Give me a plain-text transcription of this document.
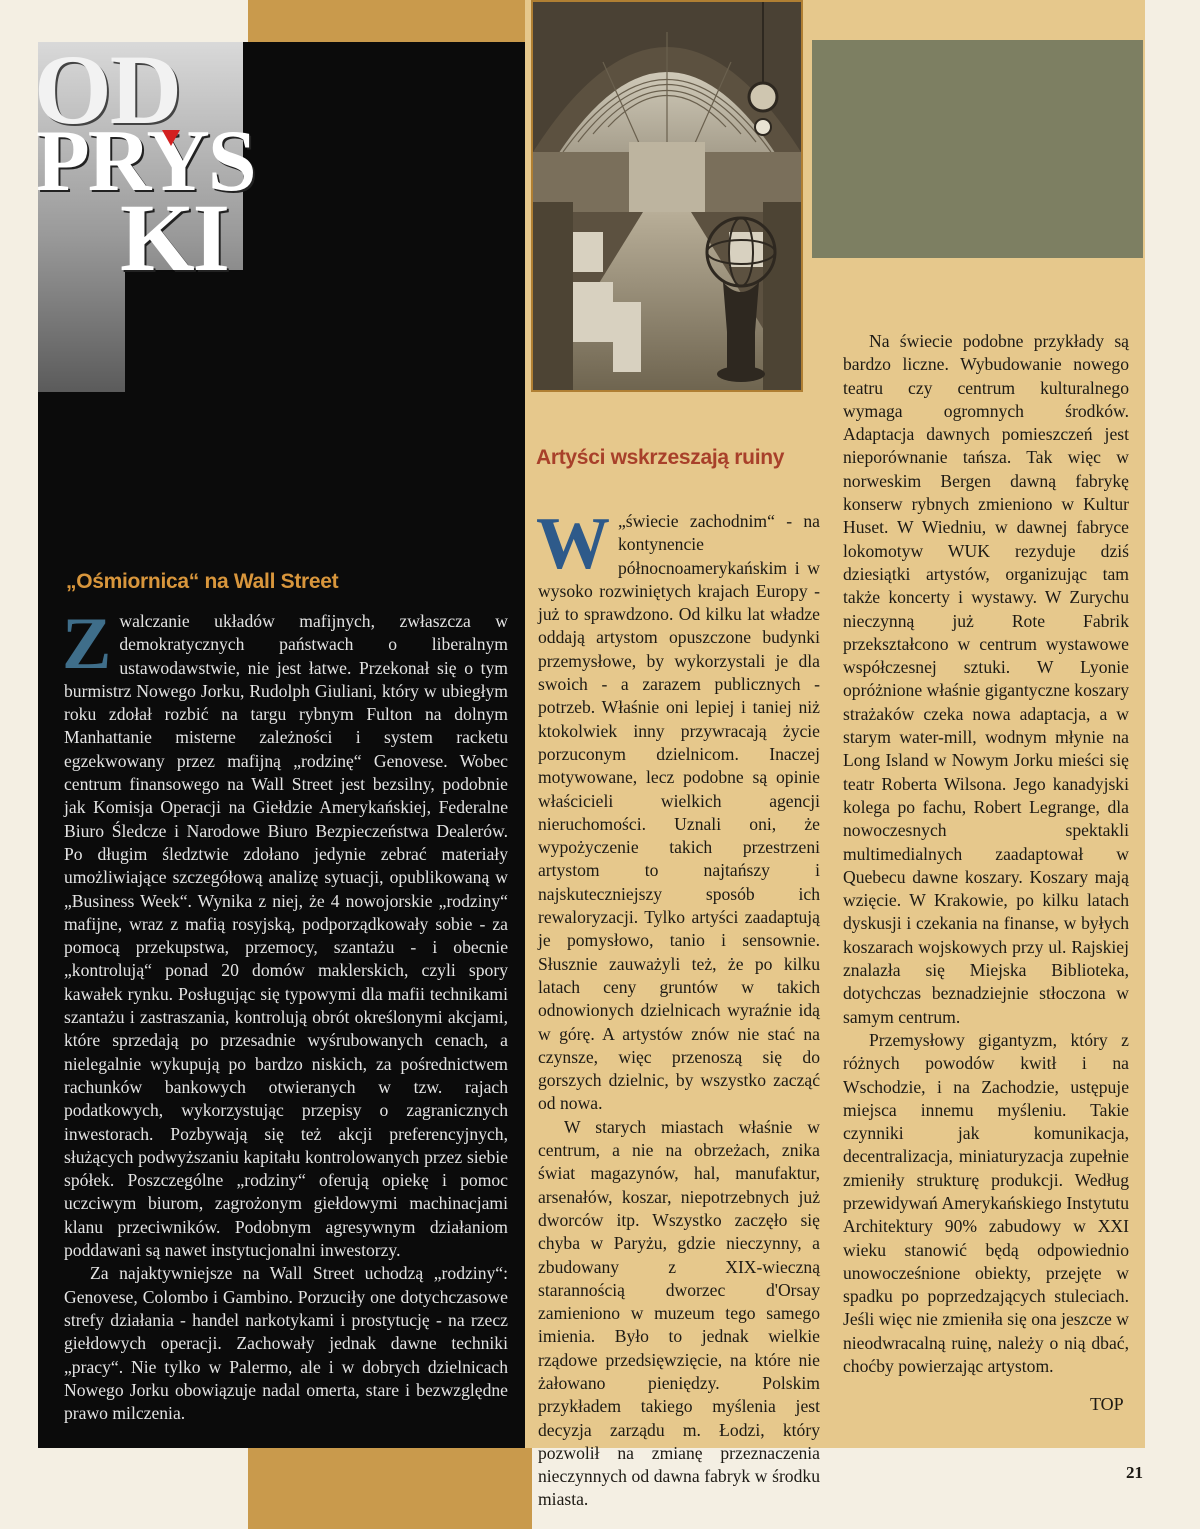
OD
PRYS
KI
„Ośmiornica“ na Wall Street
Artyści wskrzeszają ruiny

Zwalczanie układów mafijnych, zwłaszcza w demokratycznych państwach o liberalnym ustawodawstwie, nie jest łatwe. Przekonał się o tym burmistrz Nowego Jorku, Rudolph Giuliani, który w ubiegłym roku zdołał rozbić na targu rybnym Fulton na dolnym Manhattanie misterne zależności i system racketu egzekwowany przez mafijną „rodzinę“ Genovese. Wobec centrum finansowego na Wall Street jest bezsilny, podobnie jak Komisja Operacji na Giełdzie Amerykańskiej, Federalne Biuro Śledcze i Narodowe Biuro Bezpieczeństwa Dealerów. Po długim śledztwie zdołano jedynie zebrać materiały umożliwiające szczegółową analizę sytuacji, opublikowaną w „Business Week“. Wynika z niej, że 4 nowojorskie „rodziny“ mafijne, wraz z mafią rosyjską, podporządkowały sobie - za pomocą przekupstwa, przemocy, szantażu - i obecnie „kontrolują“ ponad 20 domów maklerskich, czyli spory kawałek rynku. Posługując się typowymi dla mafii technikami szantażu i zastraszania, kontrolują obrót określonymi akcjami, które sprzedają po przesadnie wyśrubowanych cenach, a nielegalnie wykupują po bardzo niskich, za pośrednictwem rachunków bankowych otwieranych w tzw. rajach podatkowych, wykorzystując przepisy o zagranicznych inwestorach. Pozbywają się też akcji preferencyjnych, służących podwyższaniu kapitału kontrolowanych przez siebie spółek. Poszczególne „rodziny“ oferują opiekę i pomoc uczciwym biurom, zagrożonym giełdowymi machinacjami klanu przeciwników. Podobnym agresywnym działaniom poddawani są nawet instytucjonalni inwestorzy.

Za najaktywniejsze na Wall Street uchodzą „rodziny“: Genovese, Colombo i Gambino. Porzuciły one dotychczasowe strefy działania - handel narkotykami i prostytucję - na rzecz giełdowych operacji. Zachowały jednak dawne techniki „pracy“. Nie tylko w Palermo, ale i w dobrych dzielnicach Nowego Jorku obowiązuje nadal omerta, stare i bezwzględne prawo milczenia.

W „świecie zachodnim“ - na kontynencie północnoamerykańskim i w wysoko rozwiniętych krajach Europy - już to sprawdzono. Od kilku lat władze oddają artystom opuszczone budynki przemysłowe, by wykorzystali je dla swoich - a zarazem publicznych - potrzeb. Właśnie oni lepiej i taniej niż ktokolwiek inny przywracają życie porzuconym dzielnicom. Inaczej motywowane, lecz podobne są opinie właścicieli wielkich agencji nieruchomości. Uznali oni, że wypożyczenie takich przestrzeni artystom to najtańszy i najskuteczniejszy sposób ich rewaloryzacji. Tylko artyści zaadaptują je pomysłowo, tanio i sensownie. Słusznie zauważyli też, że po kilku latach ceny gruntów w takich odnowionych dzielnicach wyraźnie idą w górę. A artystów znów nie stać na czynsze, więc przenoszą się do gorszych dzielnic, by wszystko zacząć od nowa.

W starych miastach właśnie w centrum, a nie na obrzeżach, znika świat magazynów, hal, manufaktur, arsenałów, koszar, niepotrzebnych już dworców itp. Wszystko zaczęło się chyba w Paryżu, gdzie nieczynny, a zbudowany z XIX-wieczną starannością dworzec d'Orsay zamieniono w muzeum tego samego imienia. Było to jednak wielkie rządowe przedsięwzięcie, na które nie żałowano pieniędzy. Polskim przykładem takiego myślenia jest decyzja zarządu m. Łodzi, który pozwolił na zmianę przeznaczenia nieczynnych od dawna fabryk w środku miasta.

Na świecie podobne przykłady są bardzo liczne. Wybudowanie nowego teatru czy centrum kulturalnego wymaga ogromnych środków. Adaptacja dawnych pomieszczeń jest nieporównanie tańsza. Tak więc w norweskim Bergen dawną fabrykę konserw rybnych zmieniono w Kultur Huset. W Wiedniu, w dawnej fabryce lokomotyw WUK rezyduje dziś dziesiątki artystów, organizując tam także koncerty i wystawy. W Zurychu nieczynną już Rote Fabrik przekształcono w centrum wystawowe współczesnej sztuki. W Lyonie opróżnione właśnie gigantyczne koszary strażaków czeka nowa adaptacja, a w starym water-mill, wodnym młynie na Long Island w Nowym Jorku mieści się teatr Roberta Wilsona. Jego kanadyjski kolega po fachu, Robert Legrange, dla nowoczesnych spektakli multimedialnych zaadaptował w Quebecu dawne koszary. Koszary mają wzięcie. W Krakowie, po kilku latach dyskusji i czekania na finanse, w byłych koszarach wojskowych przy ul. Rajskiej znalazła się Miejska Biblioteka, dotychczas beznadziejnie stłoczona w samym centrum.

Przemysłowy gigantyzm, który z różnych powodów kwitł i na Wschodzie, i na Zachodzie, ustępuje miejsca innemu myśleniu. Takie czynniki jak komunikacja, decentralizacja, miniaturyzacja zupełnie zmieniły strukturę produkcji. Według przewidywań Amerykańskiego Instytutu Architektury 90% zabudowy w XXI wieku stanowić będą odpowiednio unowocześnione obiekty, przejęte w spadku po poprzedzających stuleciach. Jeśli więc nie zmieniła się ona jeszcze w nieodwracalną ruinę, należy o nią dbać, choćby powierzając artystom.

TOP
21
